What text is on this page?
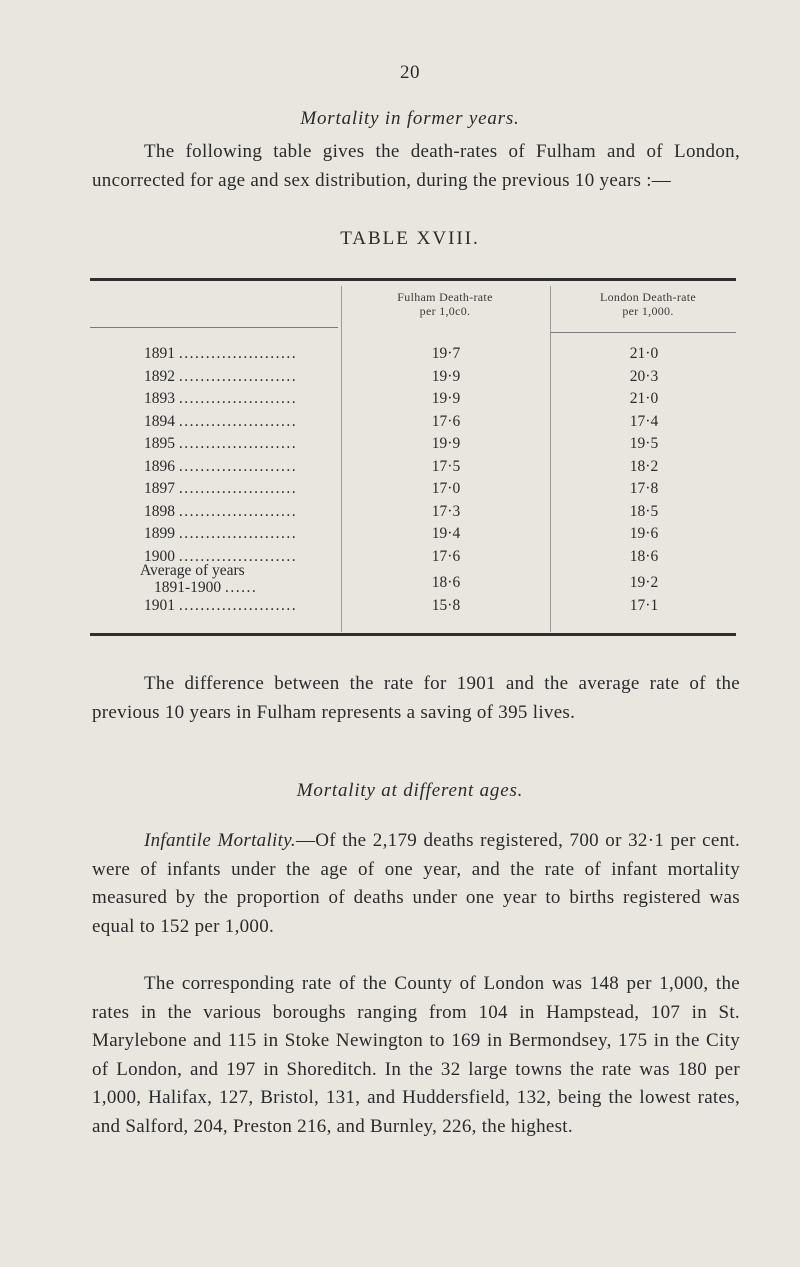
20
Mortality in former years.
The following table gives the death-rates of Fulham and of London, uncorrected for age and sex distribution, during the previous 10 years :—
TABLE XVIII.
Fulham Death-rate
per 1,0c0.
London Death-rate
per 1,000.
1891 ......................	19·7	21·0
1892 ......................	19·9	20·3
1893 ......................	19·9	21·0
1894 ......................	17·6	17·4
1895 ......................	19·9	19·5
1896 ......................	17·5	18·2
1897 ......................	17·0	17·8
1898 ......................	17·3	18·5
1899 ......................	19·4	19·6
1900 ......................	17·6	18·6
Average of years
1891-1900 ......	18·6	19·2
1901 ......................	15·8	17·1
The difference between the rate for 1901 and the average rate of the previous 10 years in Fulham represents a saving of 395 lives.
Mortality at different ages.
Infantile Mortality.—Of the 2,179 deaths registered, 700 or 32·1 per cent. were of infants under the age of one year, and the rate of infant mortality measured by the proportion of deaths under one year to births registered was equal to 152 per 1,000.
The corresponding rate of the County of London was 148 per 1,000, the rates in the various boroughs ranging from 104 in Hampstead, 107 in St. Marylebone and 115 in Stoke Newington to 169 in Bermondsey, 175 in the City of London, and 197 in Shoreditch. In the 32 large towns the rate was 180 per 1,000, Halifax, 127, Bristol, 131, and Huddersfield, 132, being the lowest rates, and Salford, 204, Preston 216, and Burnley, 226, the highest.
